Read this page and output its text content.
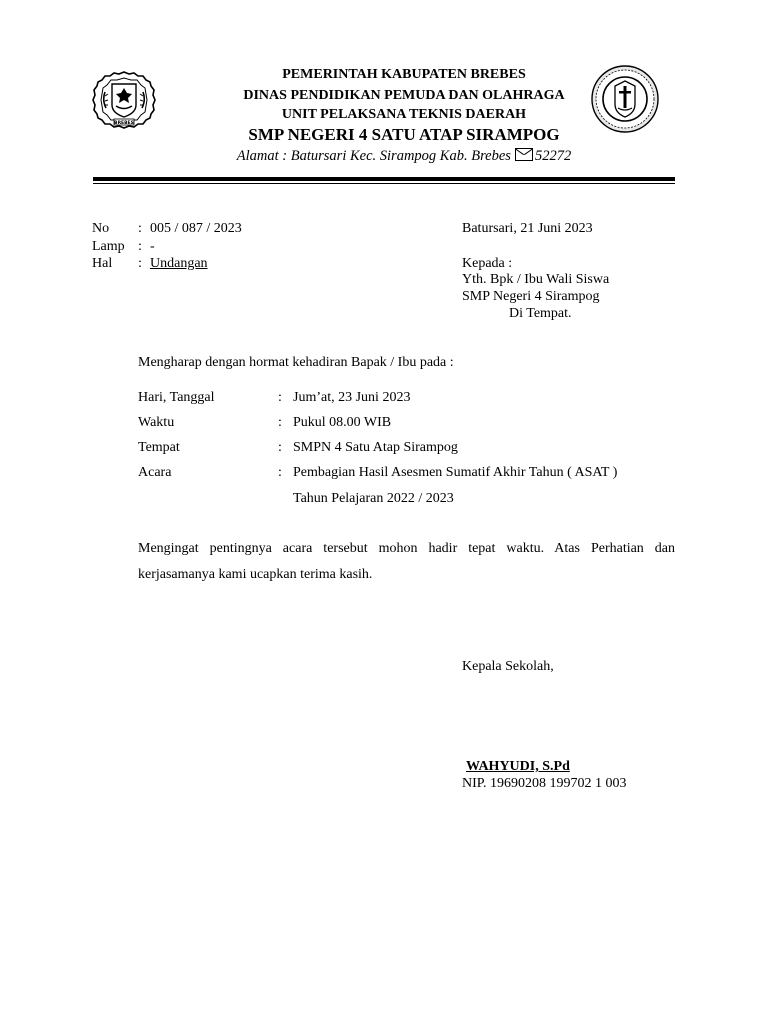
BREBES
PEMERINTAH KABUPATEN BREBES
DINAS PENDIDIKAN PEMUDA DAN OLAHRAGA
UNIT PELAKSANA TEKNIS DAERAH
SMP NEGERI 4 SATU ATAP SIRAMPOG
Alamat : Batursari Kec. Sirampog Kab. Brebes 52272
No : 005 / 087 / 2023
Lamp : -
Hal : Undangan
Batursari, 21 Juni 2023
Kepada :
Yth. Bpk / Ibu Wali Siswa
SMP Negeri 4 Sirampog
Di Tempat.
Mengharap dengan hormat kehadiran Bapak / Ibu pada :
Hari, Tanggal	: Jum’at, 23 Juni 2023
Waktu	: Pukul 08.00 WIB
Tempat	: SMPN 4 Satu Atap Sirampog
Acara	: Pembagian Hasil Asesmen Sumatif Akhir Tahun ( ASAT )
Tahun Pelajaran 2022 / 2023
Mengingat pentingnya acara tersebut mohon hadir tepat waktu. Atas Perhatian dan kerjasamanya kami ucapkan terima kasih.
Kepala Sekolah,
WAHYUDI, S.Pd
NIP. 19690208 199702 1 003
